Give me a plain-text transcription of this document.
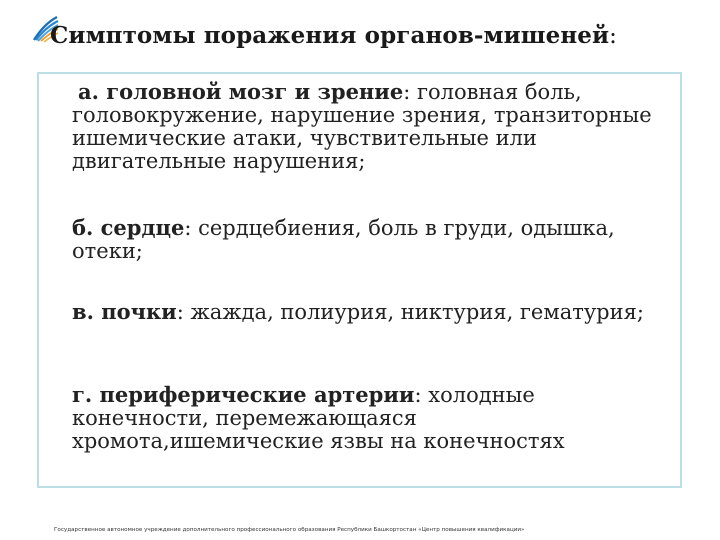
Симптомы поражения органов-мишеней:
а. головной мозг и зрение: головная боль, головокружение, нарушение зрения, транзиторные ишемические атаки, чувствительные или двигательные нарушения;
б. сердце: сердцебиения, боль в груди, одышка, отеки;
в. почки: жажда, полиурия, никтурия, гематурия;
г. периферические артерии: холодные конечности, перемежающаяся хромота,ишемические язвы на конечностях
Государственное автономное учреждение дополнительного профессионального образования Республики Башкортостан «Центр повышения квалификации»
